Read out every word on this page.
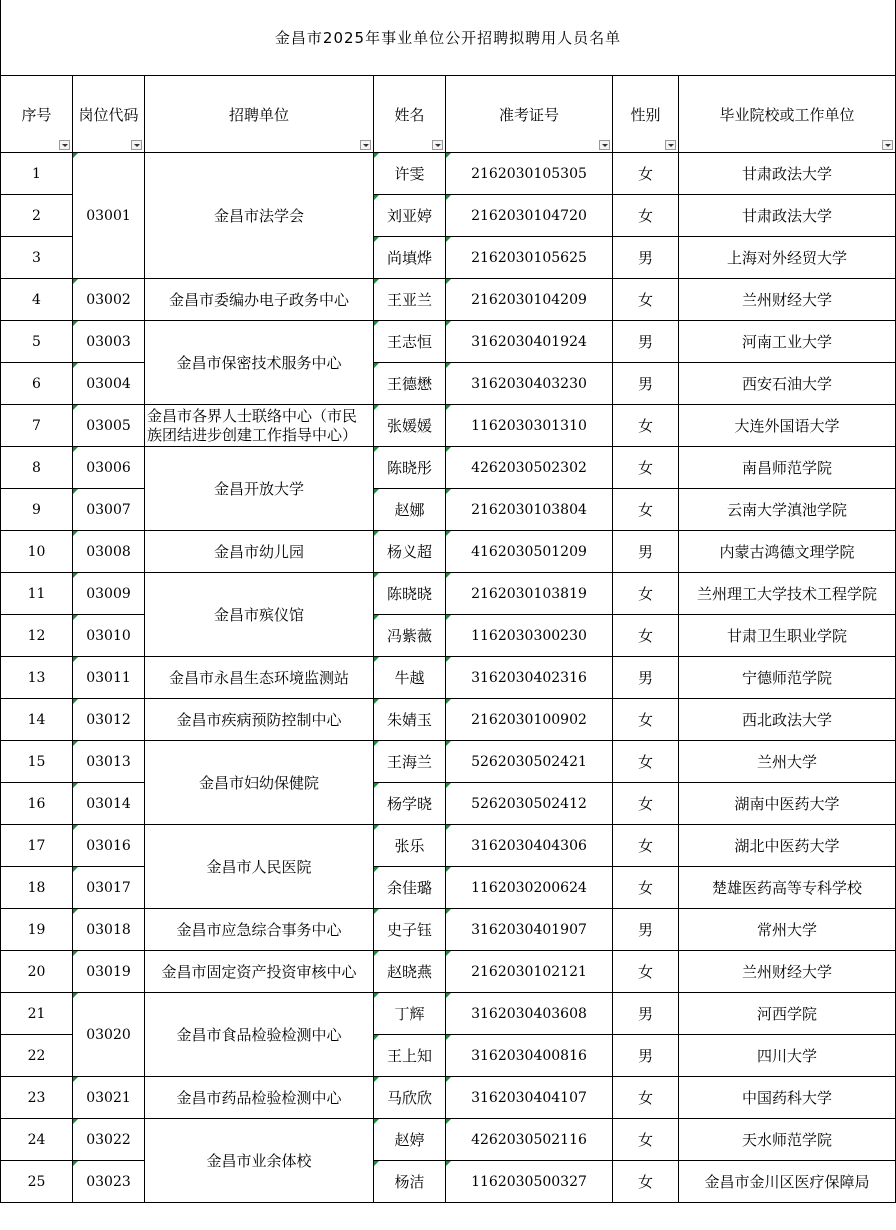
金昌市2025年事业单位公开招聘拟聘用人员名单						
序号	岗位代码	招聘单位	姓名	准考证号	性别	毕业院校或工作单位

1	03001	金昌市法学会	许雯	2162030105305	女	甘肃政法大学
2			刘亚婷	2162030104720	女	甘肃政法大学
3			尚填烨	2162030105625	男	上海对外经贸大学
4	03002	金昌市委编办电子政务中心	王亚兰	2162030104209	女	兰州财经大学
5	03003	金昌市保密技术服务中心	王志恒	3162030401924	男	河南工业大学
6	03004		王德懋	3162030403230	男	西安石油大学
7	03005	金昌市各界人士联络中心（市民族团结进步创建工作指导中心）	张媛媛	1162030301310	女	大连外国语大学
8	03006	金昌开放大学	陈晓彤	4262030502302	女	南昌师范学院
9	03007		赵娜	2162030103804	女	云南大学滇池学院
10	03008	金昌市幼儿园	杨义超	4162030501209	男	内蒙古鸿德文理学院
11	03009	金昌市殡仪馆	陈晓晓	2162030103819	女	兰州理工大学技术工程学院
12	03010		冯紫薇	1162030300230	女	甘肃卫生职业学院
13	03011	金昌市永昌生态环境监测站	牛越	3162030402316	男	宁德师范学院
14	03012	金昌市疾病预防控制中心	朱婧玉	2162030100902	女	西北政法大学
15	03013	金昌市妇幼保健院	王海兰	5262030502421	女	兰州大学
16	03014		杨学晓	5262030502412	女	湖南中医药大学
17	03016	金昌市人民医院	张乐	3162030404306	女	湖北中医药大学
18	03017		余佳璐	1162030200624	女	楚雄医药高等专科学校
19	03018	金昌市应急综合事务中心	史子钰	3162030401907	男	常州大学
20	03019	金昌市固定资产投资审核中心	赵晓燕	2162030102121	女	兰州财经大学
21	03020	金昌市食品检验检测中心	丁辉	3162030403608	男	河西学院
22			王上知	3162030400816	男	四川大学
23	03021	金昌市药品检验检测中心	马欣欣	3162030404107	女	中国药科大学
24	03022	金昌市业余体校	赵婷	4262030502116	女	天水师范学院
25	03023		杨洁	1162030500327	女	金昌市金川区医疗保障局
